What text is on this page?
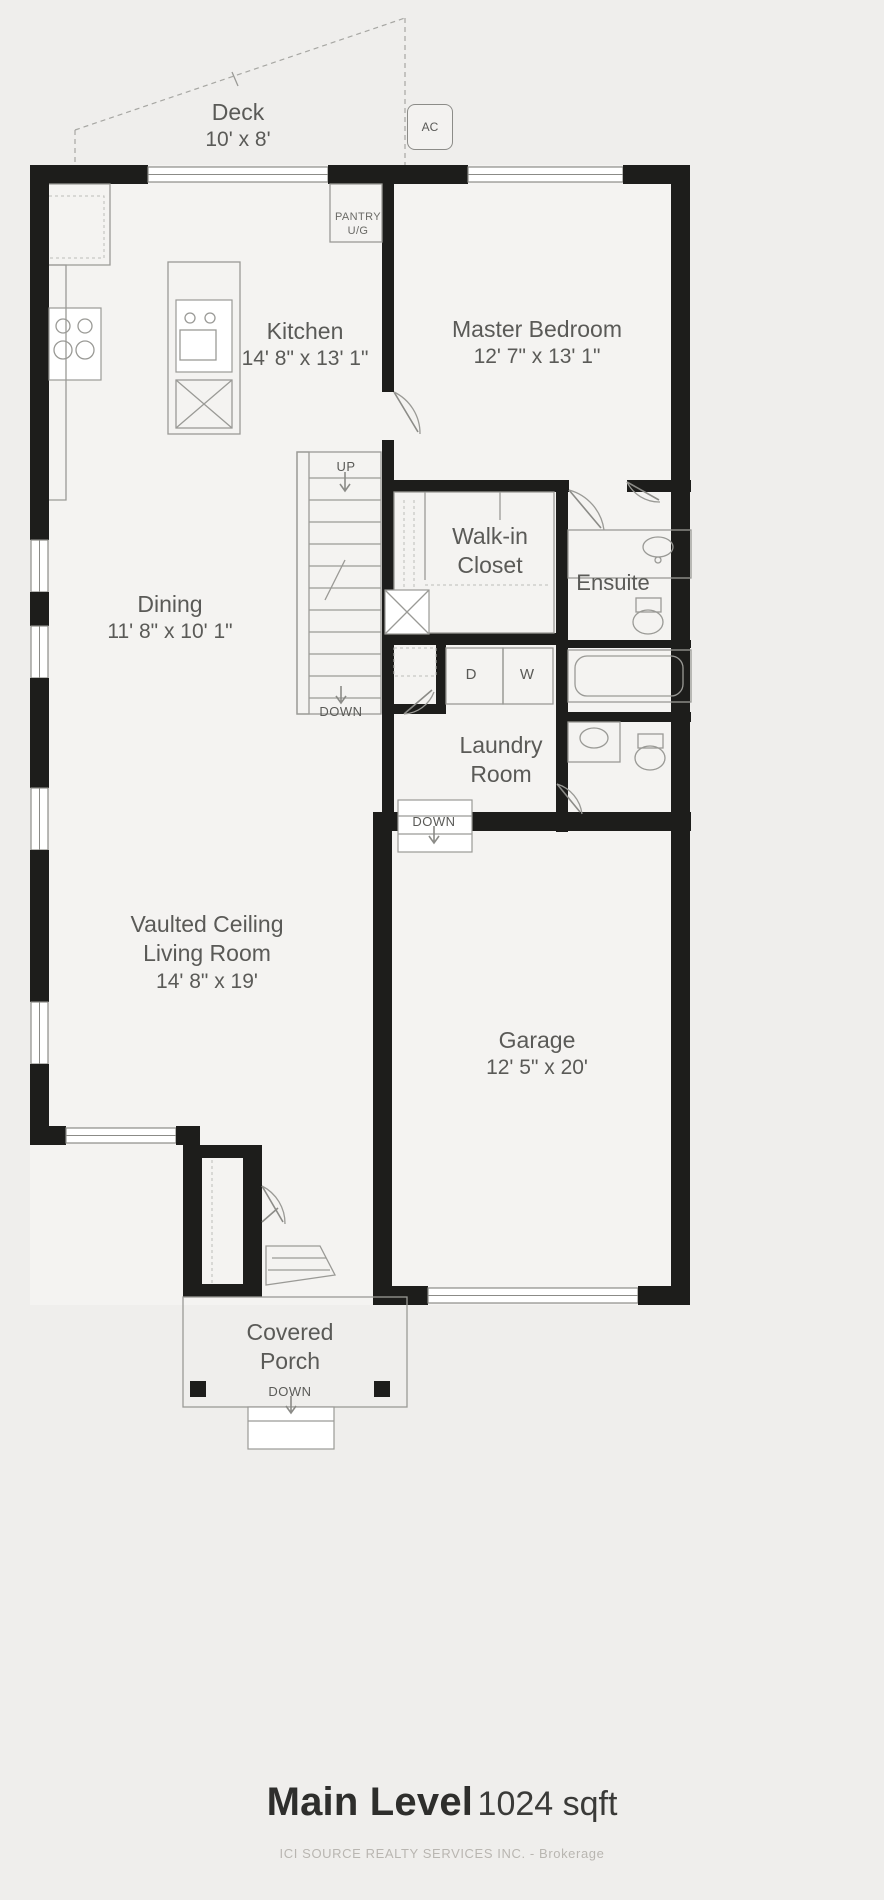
AC
Deck
10' x 8'
Kitchen
14' 8" x 13' 1"
Master Bedroom
12' 7" x 13' 1"
Dining
11' 8" x 10' 1"
Walk-in Closet
Ensuite
Laundry Room
Garage
12' 5" x 20'
Covered Porch
Vaulted Ceiling
Living Room
14' 8" x 19'
PANTRY
U/G
UP
DOWN
DOWN
DOWN
D	W
Main Level 1024 sqft
ICI SOURCE REALTY SERVICES INC. - Brokerage
